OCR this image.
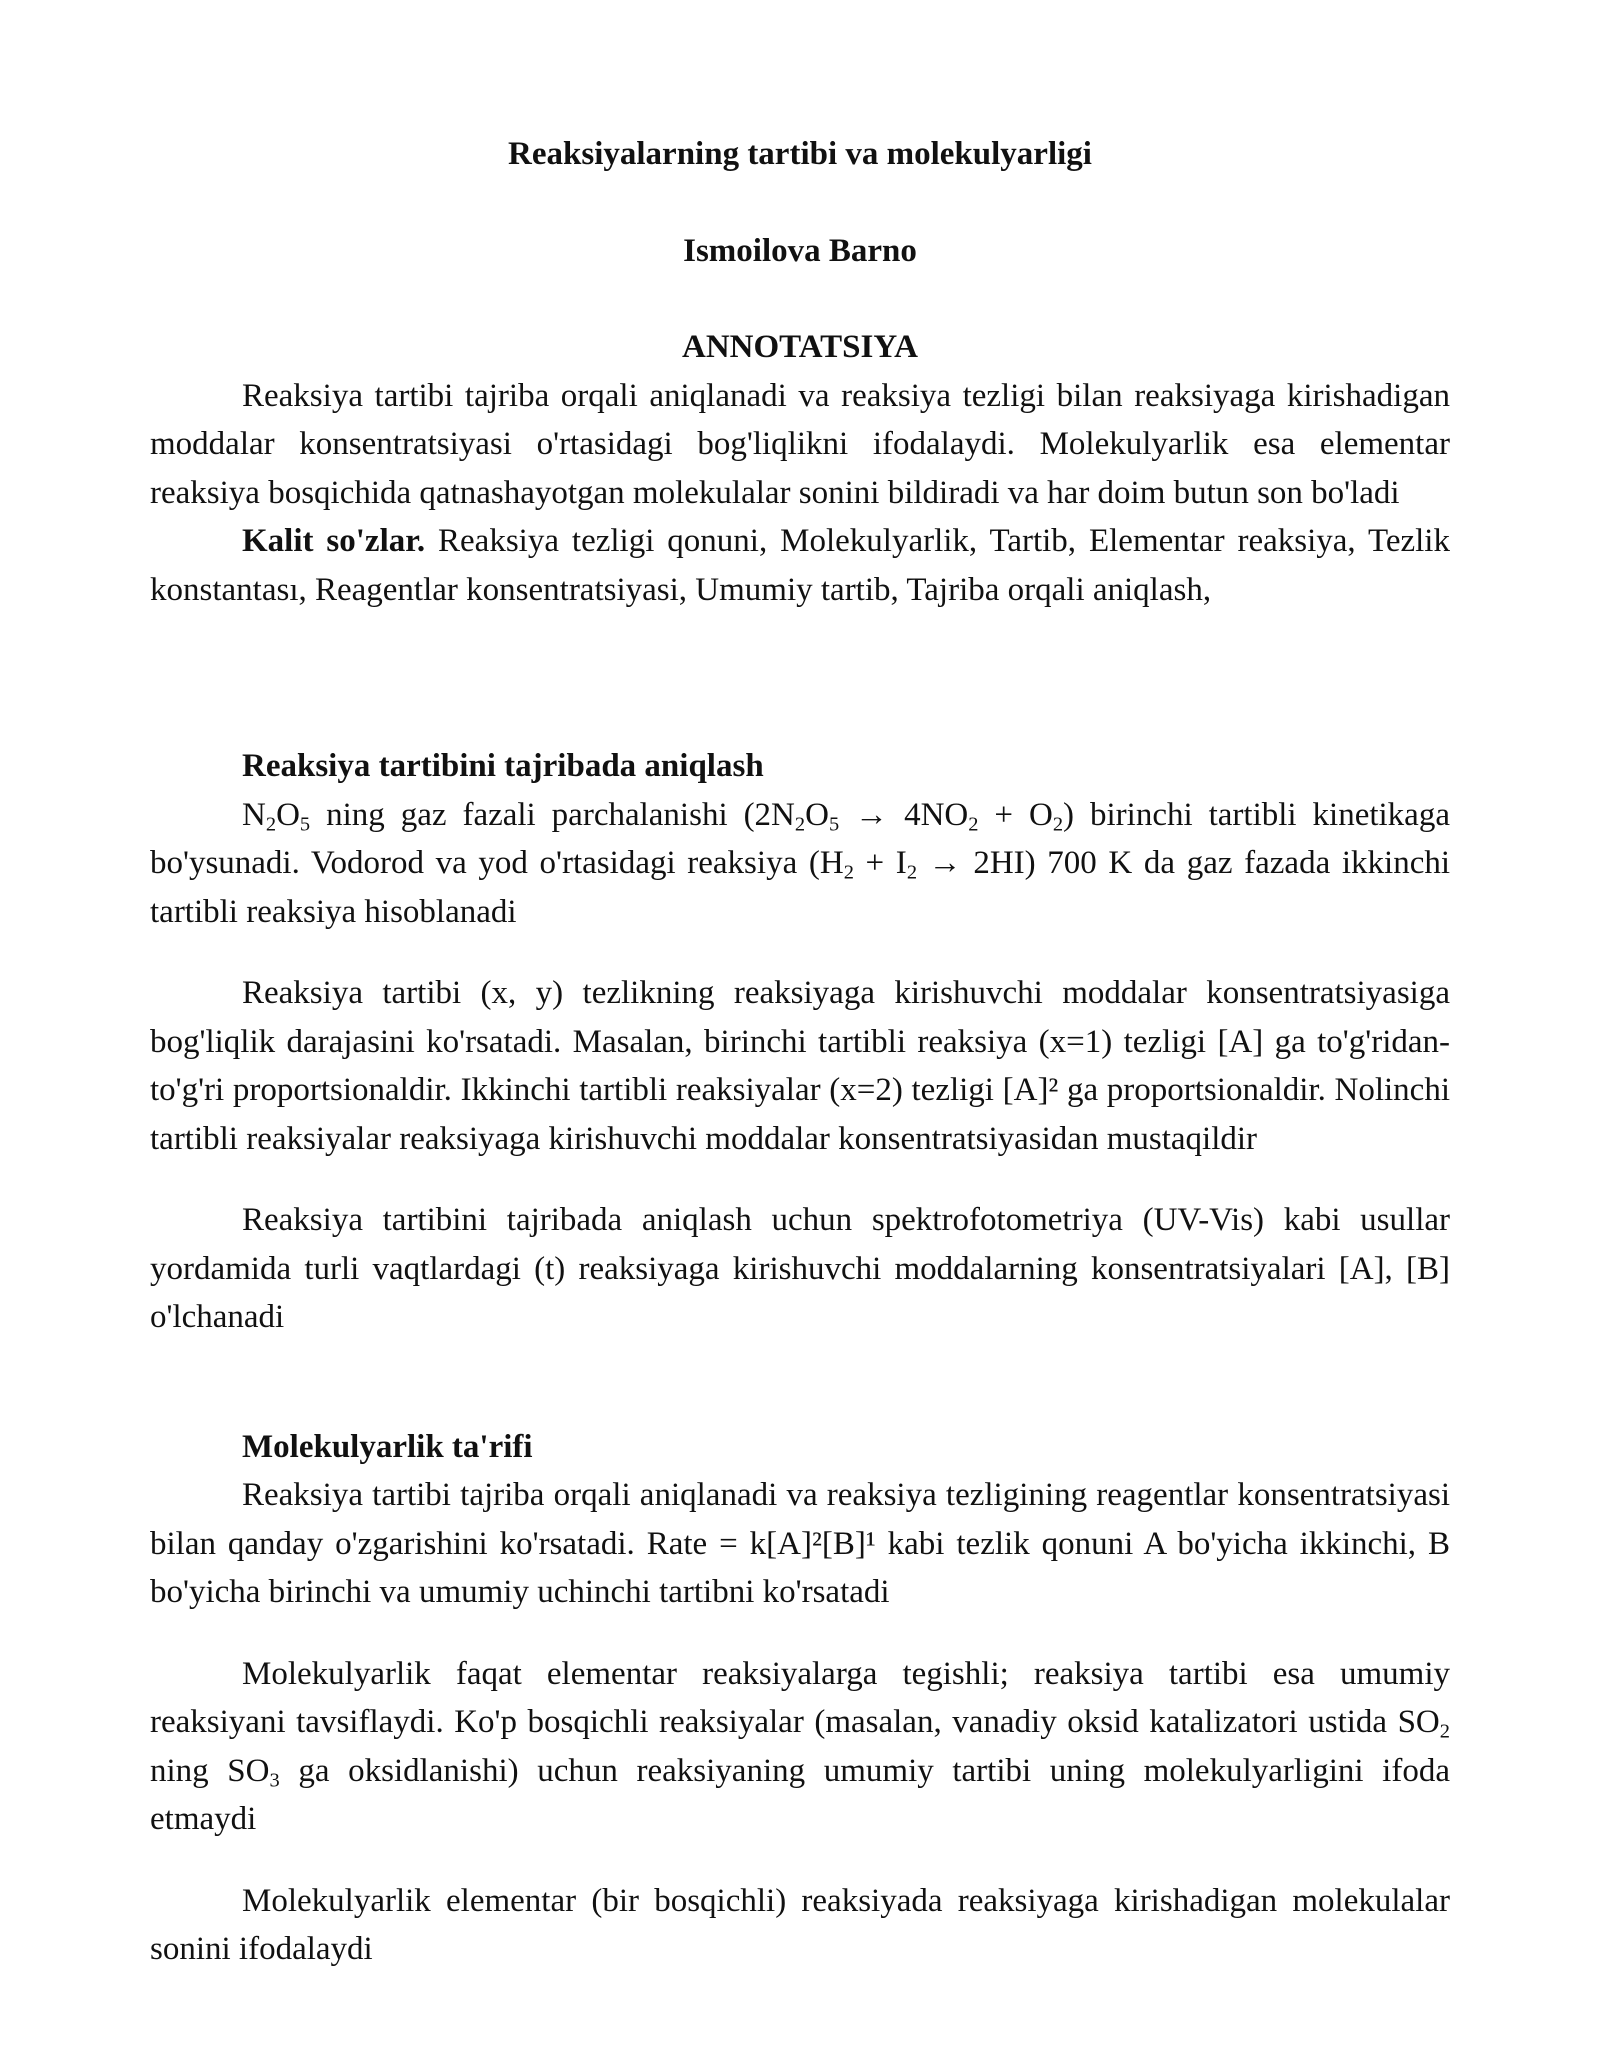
Reaksiyalarning tartibi va molekulyarligi

Ismoilova Barno

ANNOTATSIYA

Reaksiya tartibi tajriba orqali aniqlanadi va reaksiya tezligi bilan reaksiyaga kirishadigan moddalar konsentratsiyasi o'rtasidagi bog'liqlikni ifodalaydi. Molekulyarlik esa elementar reaksiya bosqichida qatnashayotgan molekulalar sonini bildiradi va har doim butun son bo'ladi

Kalit so'zlar. Reaksiya tezligi qonuni, Molekulyarlik, Tartib, Elementar reaksiya, Tezlik konstantası, Reagentlar konsentratsiyasi, Umumiy tartib, Tajriba orqali aniqlash,

Reaksiya tartibini tajribada aniqlash

$N_2O_5$ ning gaz fazali parchalanishi $(2N_2O_5 \to 4NO_2 + O_2)$ birinchi tartibli kinetikaga bo'ysunadi. Vodorod va yod o'rtasidagi reaksiya $(H_2 + I_2 \to 2HI)$ 700 K da gaz fazada ikkinchi tartibli reaksiya hisoblanadi

Reaksiya tartibi (x, y) tezlikning reaksiyaga kirishuvchi moddalar konsentratsiyasiga bog'liqlik darajasini ko'rsatadi. Masalan, birinchi tartibli reaksiya (x=1) tezligi [A] ga to'g'ridan-to'g'ri proportsionaldir. Ikkinchi tartibli reaksiyalar (x=2) tezligi [A]² ga proportsionaldir. Nolinchi tartibli reaksiyalar reaksiyaga kirishuvchi moddalar konsentratsiyasidan mustaqildir

Reaksiya tartibini tajribada aniqlash uchun spektrofotometriya (UV-Vis) kabi usullar yordamida turli vaqtlardagi (t) reaksiyaga kirishuvchi moddalarning konsentratsiyalari [A], [B] o'lchanadi

Molekulyarlik ta'rifi

Reaksiya tartibi tajriba orqali aniqlanadi va reaksiya tezligining reagentlar konsentratsiyasi bilan qanday o'zgarishini ko'rsatadi. Rate = k[A]²[B]¹ kabi tezlik qonuni A bo'yicha ikkinchi, B bo'yicha birinchi va umumiy uchinchi tartibni ko'rsatadi

Molekulyarlik faqat elementar reaksiyalarga tegishli; reaksiya tartibi esa umumiy reaksiyani tavsiflaydi. Ko'p bosqichli reaksiyalar (masalan, vanadiy oksid katalizatori ustida $SO_2$ ning $SO_3$ ga oksidlanishi) uchun reaksiyaning umumiy tartibi uning molekulyarligini ifoda etmaydi

Molekulyarlik elementar (bir bosqichli) reaksiyada reaksiyaga kirishadigan molekulalar sonini ifodalaydi
